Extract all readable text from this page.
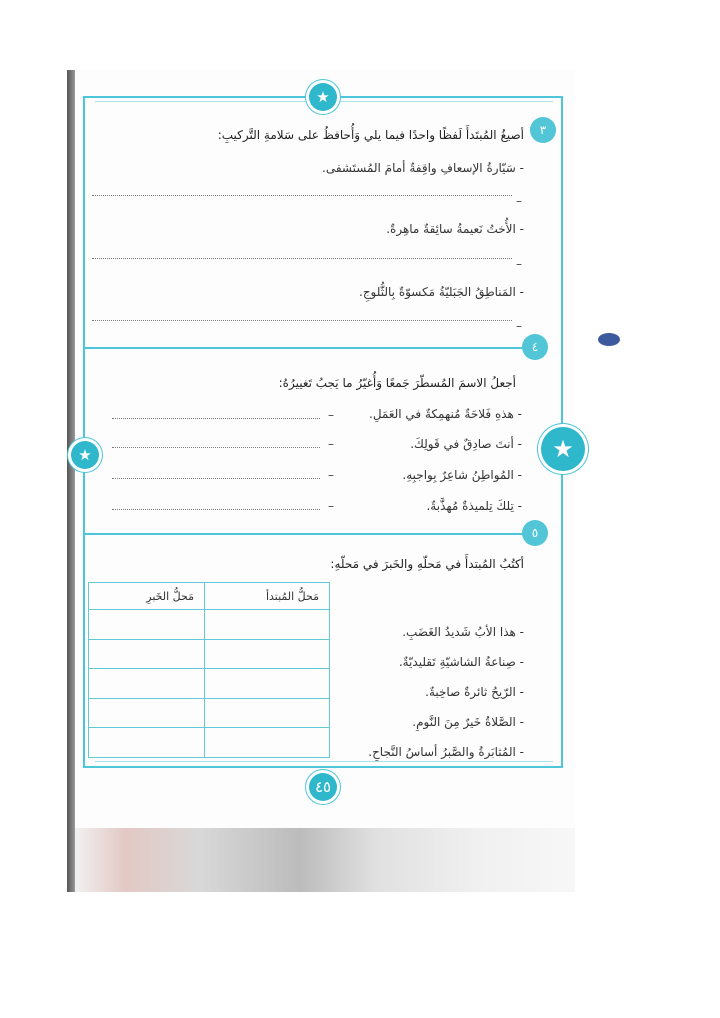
★
٤٥
★
★
٣
٤
٥
أصيغُ المُبتَدأَ لَفظًا واحدًا فيما يلي وَأُحافظُ على سَلامةِ التَّركيبِ:
- سَيّارةُ الإسعافِ واقِفةٌ أمامَ المُستَشفى.
–
- الأُختُ نَعيمةُ سائِقةٌ ماهِرةٌ.
–
- المَناطِقُ الجَبَليّةُ مَكسوّةٌ بِالثُّلوجِ.
–
أجعلُ الاسمَ المُسطّرَ جَمعًا وَأُغيّرُ ما يَجبُ تَغييرُهُ:
- هذهِ فَلاحَةٌ مُنهمِكةٌ في العَمَلِ.
–
- أنتَ صادِقٌ في قَولِكَ.
–
- المُواطِنُ شاعِرٌ بِواجبِهِ.
–
- تِلكَ تِلميذةٌ مُهذَّبةٌ.
–
أكتُبُ المُبتدأَ في مَحلّهِ والخَبرَ في مَحلّهِ:
مَحلُّ الخَبرِ	مَحلُّ المُبتدأ

- هذا الأبُ شَديدُ الغَضَبِ.
- صِناعةُ الشاشيّةِ تَقليديّةٌ.
- الرّيحُ ثائرةٌ صاخِبةٌ.
- الصَّلاةُ خَيرٌ مِنَ النَّومِ.
- المُثابَرةُ والصَّبرُ أساسُ النَّجاحِ.
